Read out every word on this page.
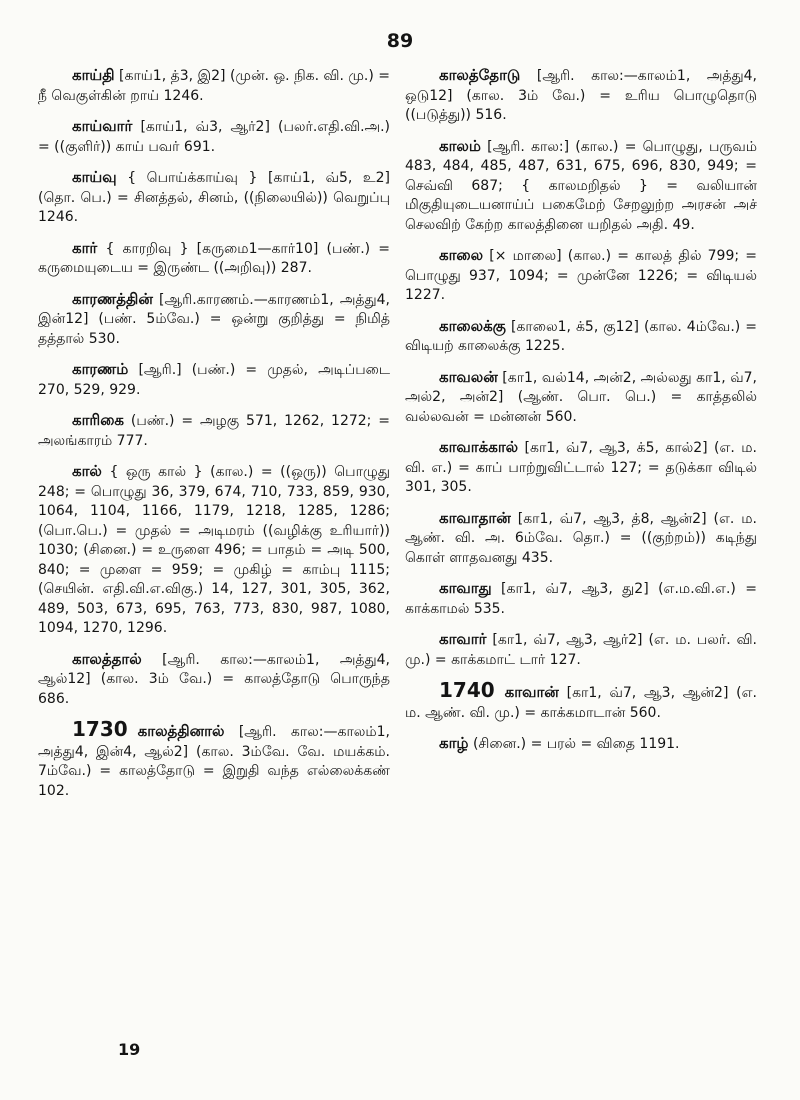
89

காய்தி [காய்1, த்3, இ2] (முன். ஒ. நிக. வி. மு.) = நீ வெகுள்கின் றாய் 1246.

காய்வார் [காய்1, வ்3, ஆர்2] (பலர்.எதி.வி.அ.) = ((குளிர்)) காய் பவர் 691.

காய்வு { பொய்க்காய்வு } [காய்1, வ்5, உ2] (தொ. பெ.) = சினத்தல், சினம், ((நிலையில்)) வெறுப்பு 1246.

கார் { காரறிவு } [கருமை1—கார்10] (பண்.) = கருமையுடைய = இருண்ட ((அறிவு)) 287.

காரணத்தின் [ஆரி.காரணம்.—காரணம்1, அத்து4, இன்12] (பண். 5ம்வே.) = ஒன்று குறித்து = நிமித் தத்தால் 530.

காரணம் [ஆரி.] (பண்.) = முதல், அடிப்படை 270, 529, 929.

காரிகை (பண்.) = அழகு 571, 1262, 1272; = அலங்காரம் 777.

கால் { ஒரு கால் } (கால.) = ((ஒரு)) பொழுது 248; = பொழுது 36, 379, 674, 710, 733, 859, 930, 1064, 1104, 1166, 1179, 1218, 1285, 1286; (பொ.பெ.) = முதல் = அடிமரம் ((வழிக்கு உரியார்)) 1030; (சினை.) = உருளை 496; = பாதம் = அடி 500, 840; = முளை = 959; = முகிழ் = காம்பு 1115; (செயின். எதி.வி.எ.விகு.) 14, 127, 301, 305, 362, 489, 503, 673, 695, 763, 773, 830, 987, 1080, 1094, 1270, 1296.

காலத்தால் [ஆரி. கால:—காலம்1, அத்து4, ஆல்12] (கால. 3ம் வே.) = காலத்தோடு பொருந்த 686.

1730 காலத்தினால் [ஆரி. கால:—காலம்1, அத்து4, இன்4, ஆல்2] (கால. 3ம்வே. வே. மயக்கம். 7ம்வே.) = காலத்தோடு = இறுதி வந்த எல்லைக்கண் 102.

காலத்தோடு [ஆரி. கால:—காலம்1, அத்து4, ஒடு12] (கால. 3ம் வே.) = உரிய பொழுதொடு ((படுத்து)) 516.

காலம் [ஆரி. கால:] (கால.) = பொழுது, பருவம் 483, 484, 485, 487, 631, 675, 696, 830, 949; = செவ்வி 687; { காலமறிதல் } = வலியான் மிகுதியுடையனாய்ப் பகைமேற் சேறலுற்ற அரசன் அச் செலவிற் கேற்ற காலத்தினை யறிதல் அதி. 49.

காலை [× மாலை] (கால.) = காலத் தில் 799; = பொழுது 937, 1094; = முன்னே 1226; = விடியல் 1227.

காலைக்கு [காலை1, க்5, கு12] (கால. 4ம்வே.) = விடியற் காலைக்கு 1225.

காவலன் [கா1, வல்14, அன்2, அல்லது கா1, வ்7, அல்2, அன்2] (ஆண். பொ. பெ.) = காத்தலில் வல்லவன் = மன்னன் 560.

காவாக்கால் [கா1, வ்7, ஆ3, க்5, கால்2] (எ. ம. வி. எ.) = காப் பாற்றுவிட்டால் 127; = தடுக்கா விடில் 301, 305.

காவாதான் [கா1, வ்7, ஆ3, த்8, ஆன்2] (எ. ம. ஆண். வி. அ. 6ம்வே. தொ.) = ((குற்றம்)) கடிந்து கொள் ளாதவனது 435.

காவாது [கா1, வ்7, ஆ3, து2] (எ.ம.வி.எ.) = காக்காமல் 535.

காவார் [கா1, வ்7, ஆ3, ஆர்2] (எ. ம. பலர். வி. மு.) = காக்கமாட் டார் 127.

1740 காவான் [கா1, வ்7, ஆ3, ஆன்2] (எ. ம. ஆண். வி. மு.) = காக்கமாடான் 560.

காழ் (சினை.) = பரல் = விதை 1191.

19
